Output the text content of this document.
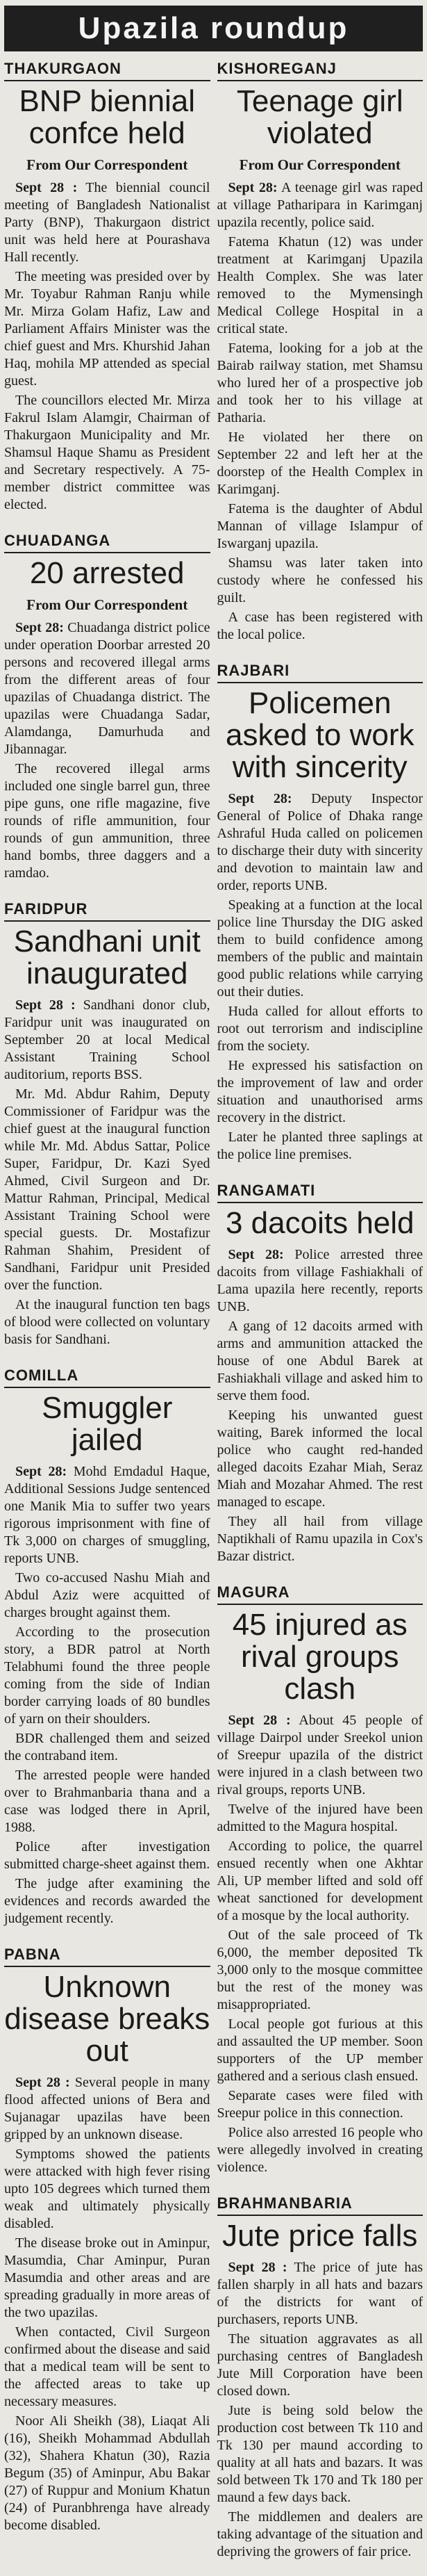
Upazila roundup
THAKURGAON
BNP biennial confce held
From Our Correspondent

Sept 28 : The biennial council meeting of Bangladesh Nationalist Party (BNP), Thakurgaon district unit was held here at Pourashava Hall recently.

The meeting was presided over by Mr. Toyabur Rahman Ranju while Mr. Mirza Golam Hafiz, Law and Parliament Affairs Minister was the chief guest and Mrs. Khurshid Jahan Haq, mohila MP attended as special guest.

The councillors elected Mr. Mirza Fakrul Islam Alamgir, Chairman of Thakurgaon Municipality and Mr. Shamsul Haque Shamu as President and Secretary respectively. A 75-member district committee was elected.

CHUADANGA
20 arrested
From Our Correspondent

Sept 28: Chuadanga district police under operation Doorbar arrested 20 persons and recovered illegal arms from the different areas of four upazilas of Chuadanga district. The upazilas were Chuadanga Sadar, Alamdanga, Damurhuda and Jibannagar.

The recovered illegal arms included one single barrel gun, three pipe guns, one rifle magazine, five rounds of rifle ammunition, four rounds of gun ammunition, three hand bombs, three daggers and a ramdao.

FARIDPUR
Sandhani unit inaugurated

Sept 28 : Sandhani donor club, Faridpur unit was inaugurated on September 20 at local Medical Assistant Training School auditorium, reports BSS.

Mr. Md. Abdur Rahim, Deputy Commissioner of Faridpur was the chief guest at the inaugural function while Mr. Md. Abdus Sattar, Police Super, Faridpur, Dr. Kazi Syed Ahmed, Civil Surgeon and Dr. Mattur Rahman, Principal, Medical Assistant Training School were special guests. Dr. Mostafizur Rahman Shahim, President of Sandhani, Faridpur unit Presided over the function.

At the inaugural function ten bags of blood were collected on voluntary basis for Sandhani.

COMILLA
Smuggler jailed

Sept 28: Mohd Emdadul Haque, Additional Sessions Judge sentenced one Manik Mia to suffer two years rigorous imprisonment with fine of Tk 3,000 on charges of smuggling, reports UNB.

Two co-accused Nashu Miah and Abdul Aziz were acquitted of charges brought against them.

According to the prosecution story, a BDR patrol at North Telabhumi found the three people coming from the side of Indian border carrying loads of 80 bundles of yarn on their shoulders.

BDR challenged them and seized the contraband item.

The arrested people were handed over to Brahmanbaria thana and a case was lodged there in April, 1988.

Police after investigation submitted charge-sheet against them.

The judge after examining the evidences and records awarded the judgement recently.

PABNA
Unknown disease breaks out

Sept 28 : Several people in many flood affected unions of Bera and Sujanagar upazilas have been gripped by an unknown disease.

Symptoms showed the patients were attacked with high fever rising upto 105 degrees which turned them weak and ultimately physically disabled.

The disease broke out in Aminpur, Masumdia, Char Aminpur, Puran Masumdia and other areas and are spreading gradually in more areas of the two upazilas.

When contacted, Civil Surgeon confirmed about the disease and said that a medical team will be sent to the affected areas to take up necessary measures.

Noor Ali Sheikh (38), Liaqat Ali (16), Sheikh Mohammad Abdullah (32), Shahera Khatun (30), Razia Begum (35) of Aminpur, Abu Bakar (27) of Ruppur and Monium Khatun (24) of Puranbhrenga have already become disabled.

KISHOREGANJ
Teenage girl violated
From Our Correspondent

Sept 28: A teenage girl was raped at village Patharipara in Karimganj upazila recently, police said.

Fatema Khatun (12) was under treatment at Karimganj Upazila Health Complex. She was later removed to the Mymensingh Medical College Hospital in a critical state.

Fatema, looking for a job at the Bairab railway station, met Shamsu who lured her of a prospective job and took her to his village at Patharia.

He violated her there on September 22 and left her at the doorstep of the Health Complex in Karimganj.

Fatema is the daughter of Abdul Mannan of village Islampur of Iswarganj upazila.

Shamsu was later taken into custody where he confessed his guilt.

A case has been registered with the local police.

RAJBARI
Policemen asked to work with sincerity

Sept 28: Deputy Inspector General of Police of Dhaka range Ashraful Huda called on policemen to discharge their duty with sincerity and devotion to maintain law and order, reports UNB.

Speaking at a function at the local police line Thursday the DIG asked them to build confidence among members of the public and maintain good public relations while carrying out their duties.

Huda called for allout efforts to root out terrorism and indiscipline from the society.

He expressed his satisfaction on the improvement of law and order situation and unauthorised arms recovery in the district.

Later he planted three saplings at the police line premises.

RANGAMATI
3 dacoits held

Sept 28: Police arrested three dacoits from village Fashiakhali of Lama upazila here recently, reports UNB.

A gang of 12 dacoits armed with arms and ammunition attacked the house of one Abdul Barek at Fashiakhali village and asked him to serve them food.

Keeping his unwanted guest waiting, Barek informed the local police who caught red-handed alleged dacoits Ezahar Miah, Seraz Miah and Mozahar Ahmed. The rest managed to escape.

They all hail from village Naptikhali of Ramu upazila in Cox's Bazar district.

MAGURA
45 injured as rival groups clash

Sept 28 : About 45 people of village Dairpol under Sreekol union of Sreepur upazila of the district were injured in a clash between two rival groups, reports UNB.

Twelve of the injured have been admitted to the Magura hospital.

According to police, the quarrel ensued recently when one Akhtar Ali, UP member lifted and sold off wheat sanctioned for development of a mosque by the local authority.

Out of the sale proceed of Tk 6,000, the member deposited Tk 3,000 only to the mosque committee but the rest of the money was misappropriated.

Local people got furious at this and assaulted the UP member. Soon supporters of the UP member gathered and a serious clash ensued.

Separate cases were filed with Sreepur police in this connection.

Police also arrested 16 people who were allegedly involved in creating violence.

BRAHMANBARIA
Jute price falls

Sept 28 : The price of jute has fallen sharply in all hats and bazars of the districts for want of purchasers, reports UNB.

The situation aggravates as all purchasing centres of Bangladesh Jute Mill Corporation have been closed down.

Jute is being sold below the production cost between Tk 110 and Tk 130 per maund according to quality at all hats and bazars. It was sold between Tk 170 and Tk 180 per maund a few days back.

The middlemen and dealers are taking advantage of the situation and depriving the growers of fair price.
